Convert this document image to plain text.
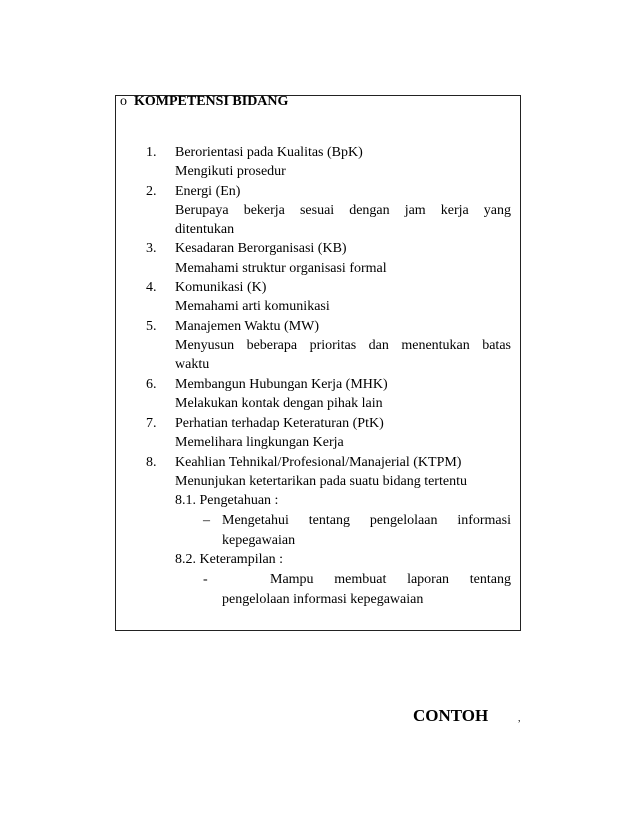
o KOMPETENSI BIDANG
1. Berorientasi pada Kualitas (BpK)
Mengikuti prosedur
2. Energi (En)
Berupaya bekerja sesuai dengan jam kerja yang
ditentukan
3. Kesadaran Berorganisasi (KB)
Memahami struktur organisasi formal
4. Komunikasi (K)
Memahami arti komunikasi
5. Manajemen Waktu (MW)
Menyusun beberapa prioritas dan menentukan batas
waktu
6. Membangun Hubungan Kerja (MHK)
Melakukan kontak dengan pihak lain
7. Perhatian terhadap Keteraturan (PtK)
Memelihara lingkungan Kerja
8. Keahlian Tehnikal/Profesional/Manajerial (KTPM)
Menunjukan ketertarikan pada suatu bidang tertentu
8.1. Pengetahuan :
– Mengetahui tentang pengelolaan informasi
kepegawaian
8.2. Keterampilan :
-	Mampu membuat laporan tentang
pengelolaan informasi kepegawaian
CONTOH	,
